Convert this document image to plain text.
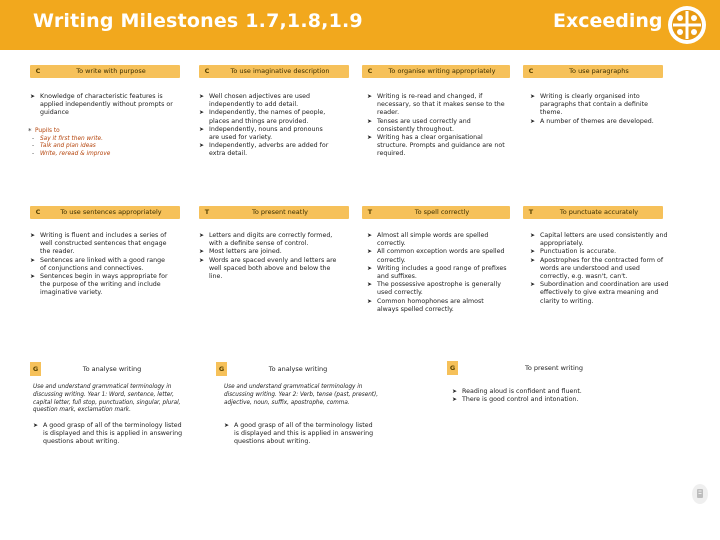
Writing Milestones 1.7,1.8,1.9	Exceeding
C	To write with purpose	C	To use imaginative description	C	To organise writing appropriately	C	To use paragraphs
➤ Knowledge of characteristic features is applied independently without prompts or guidance
* Pupils to
- Say it first then write.
- Talk and plan ideas
- Write, reread & improve
➤ Well chosen adjectives are used independently to add detail.
➤ Independently, the names of people, places and things are provided.
➤ Independently, nouns and pronouns are used for variety.
➤ Independently, adverbs are added for extra detail.
➤ Writing is re-read and changed, if necessary, so that it makes sense to the reader.
➤ Tenses are used correctly and consistently throughout.
➤ Writing has a clear organisational structure. Prompts and guidance are not required.
➤ Writing is clearly organised into paragraphs that contain a definite theme.
➤ A number of themes are developed.
C	To use sentences appropriately	T	To present neatly	T	To spell correctly	T	To punctuate accurately
➤ Writing is fluent and includes a series of well constructed sentences that engage the reader.
➤ Sentences are linked with a good range of conjunctions and connectives.
➤ Sentences begin in ways appropriate for the purpose of the writing and include imaginative variety.
➤ Letters and digits are correctly formed, with a definite sense of control.
➤ Most letters are joined.
➤ Words are spaced evenly and letters are well spaced both above and below the line.
➤ Almost all simple words are spelled correctly.
➤ All common exception words are spelled correctly.
➤ Writing includes a good range of prefixes and suffixes.
➤ The possessive apostrophe is generally used correctly.
➤ Common homophones are almost always spelled correctly.
➤ Capital letters are used consistently and appropriately.
➤ Punctuation is accurate.
➤ Apostrophes for the contracted form of words are understood and used correctly, e.g. wasn't, can't.
➤ Subordination and coordination are used effectively to give extra meaning and clarity to writing.
G	To analyse writing	G	To analyse writing	G	To present writing
Use and understand grammatical terminology in discussing writing. Year 1: Word, sentence, letter, capital letter, full stop, punctuation, singular, plural, question mark, exclamation mark.
➤ A good grasp of all of the terminology listed is displayed and this is applied in answering questions about writing.
Use and understand grammatical terminology in discussing writing. Year 2: Verb, tense (past, present), adjective, noun, suffix, apostrophe, comma.
➤ A good grasp of all of the terminology listed is displayed and this is applied in answering questions about writing.
➤ Reading aloud is confident and fluent.
➤ There is good control and intonation.
